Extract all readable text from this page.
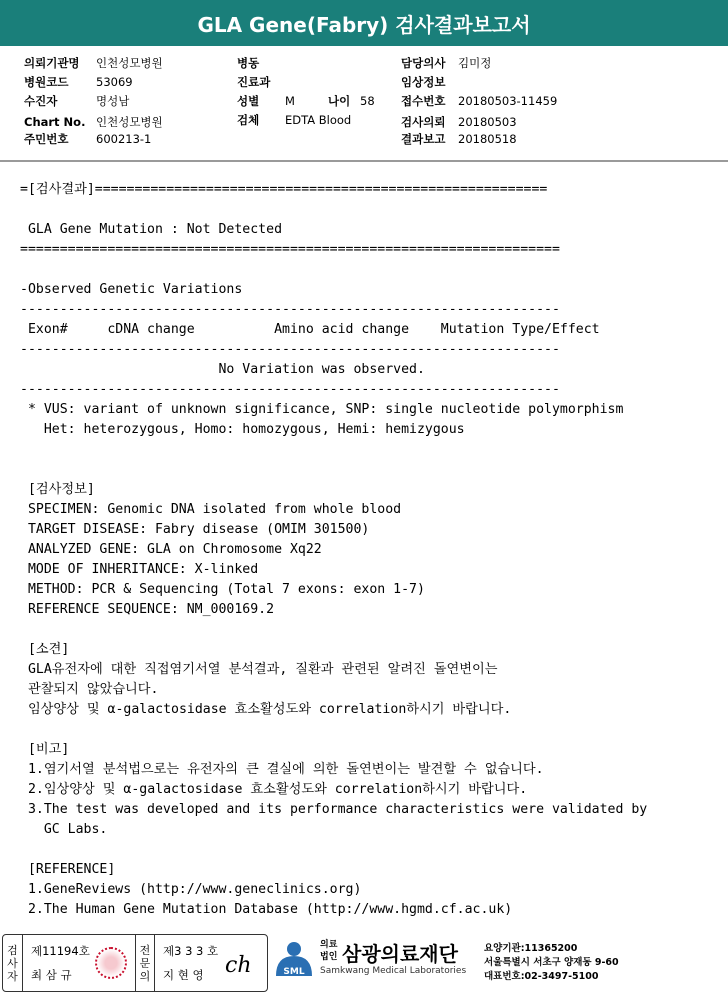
GLA Gene(Fabry) 검사결과보고서
의뢰기관명 인천성모병원
병원코드 53069
수진자	명성남
Chart No. 인천성모병원
주민번호 600213-1
병동
진료과
성별 M	나이 58
검체 EDTA Blood
담당의사 김미정
임상정보
접수번호 20180503-11459
검사의뢰 20180503
결과보고 20180518
=[검사결과]=========================================================
GLA Gene Mutation : Not Detected
====================================================================
-Observed Genetic Variations
--------------------------------------------------------------------
Exon#     cDNA change          Amino acid change    Mutation Type/Effect
--------------------------------------------------------------------
No Variation was observed.
--------------------------------------------------------------------
* VUS: variant of unknown significance, SNP: single nucleotide polymorphism
Het: heterozygous, Homo: homozygous, Hemi: hemizygous
[검사정보]
SPECIMEN: Genomic DNA isolated from whole blood
TARGET DISEASE: Fabry disease (OMIM 301500)
ANALYZED GENE: GLA on Chromosome Xq22
MODE OF INHERITANCE: X-linked
METHOD: PCR & Sequencing (Total 7 exons: exon 1-7)
REFERENCE SEQUENCE: NM_000169.2
[소견]
GLA유전자에 대한 직접염기서열 분석결과, 질환과 관련된 알려진 돌연변이는
관찰되지 않았습니다.
임상양상 및 α-galactosidase 효소활성도와 correlation하시기 바랍니다.
[비고]
1.염기서열 분석법으로는 유전자의 큰 결실에 의한 돌연변이는 발견할 수 없습니다.
2.임상양상 및 α-galactosidase 효소활성도와 correlation하시기 바랍니다.
3.The test was developed and its performance characteristics were validated by
GC Labs.
[REFERENCE]
1.GeneReviews (http://www.geneclinics.org)
2.The Human Gene Mutation Database (http://www.hgmd.cf.ac.uk)
검
사
자
제11194호
최 삼 규
전
문
의
제3 3 3 호
지 현 영 ch	SML
의료
법인 삼광의료재단
Samkwang Medical Laboratories
요양기관:11365200
서울특별시 서초구 양재동 9-60
대표번호:02-3497-5100
